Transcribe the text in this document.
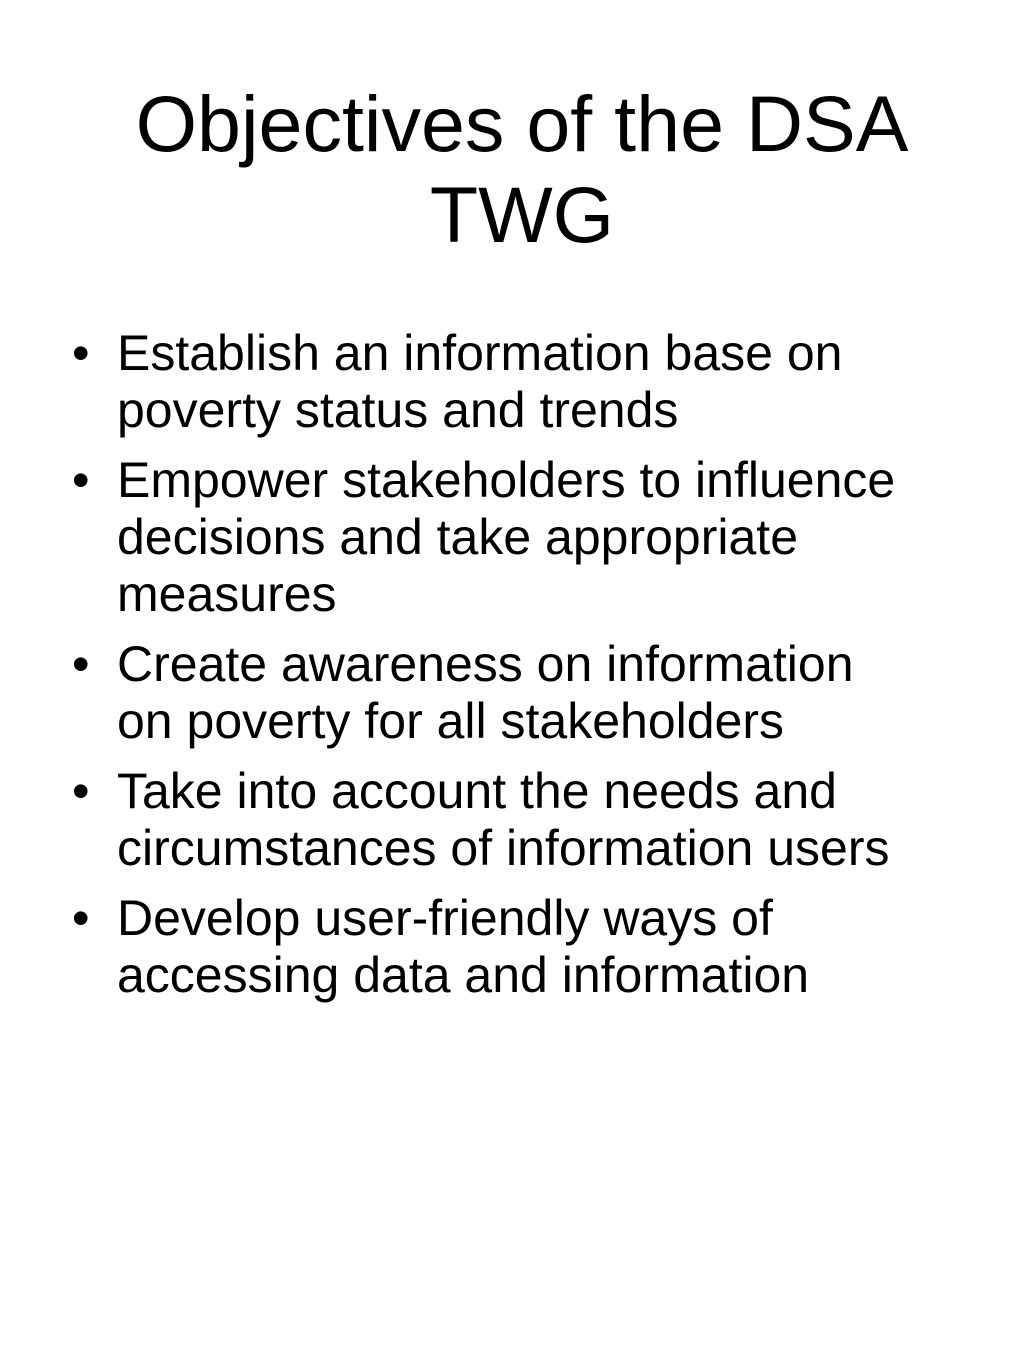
Objectives of the DSA
TWG
• Establish an information base on
poverty status and trends
• Empower stakeholders to influence
decisions and take appropriate
measures
• Create awareness on information
on poverty for all stakeholders
• Take into account the needs and
circumstances of information users
• Develop user-friendly ways of
accessing data and information
